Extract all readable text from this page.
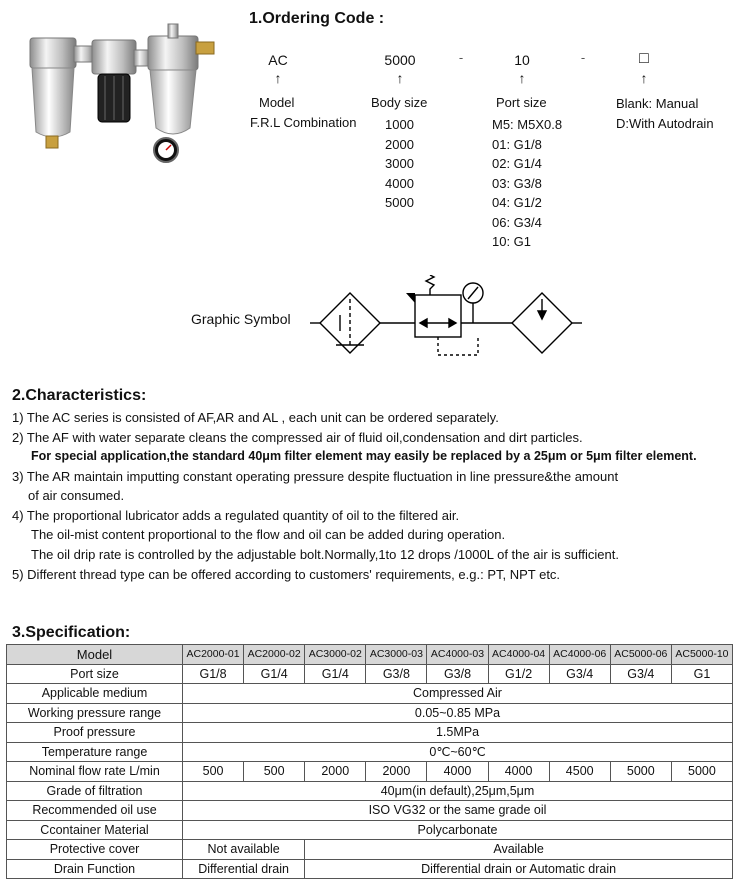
1.Ordering Code :
AC	5000	-	10	-	□
↑	↑	↑	↑
Model
F.R.L Combination
Body size
1000
2000
3000
4000
5000
Port size
M5: M5X0.8
01: G1/8
02: G1/4
03: G3/8
04: G1/2
06: G3/4
10: G1
Blank: Manual
D:With Autodrain
Graphic Symbol
2.Characteristics:
1) The AC series is consisted of AF,AR and AL , each unit can be ordered separately.
2) The AF with water separate cleans the compressed air of fluid oil,condensation and dirt particles.
For special application,the standard 40μm filter element may easily be replaced by a 25μm or 5μm filter element.
3) The AR maintain imputting constant operating pressure despite fluctuation in line pressure&the amount
of air consumed.
4) The proportional lubricator adds a regulated quantity of oil to the filtered air.
The oil-mist content proportional to the flow and oil can be added during operation.
The oil drip rate is controlled by the adjustable bolt.Normally,1to 12 drops /1000L of the air is sufficient.
5) Different thread type can be offered according to customers' requirements, e.g.: PT, NPT etc.
3.Specification:
Model	AC2000-01	AC2000-02	AC3000-02	AC3000-03	AC4000-03	AC4000-04	AC4000-06	AC5000-06	AC5000-10
Port size	G1/8	G1/4	G1/4	G3/8	G3/8	G1/2	G3/4	G3/4	G1
Applicable medium	Compressed Air								
Working pressure range	0.05~0.85 MPa								
Proof pressure	1.5MPa								
Temperature range	0℃~60℃								
Nominal flow rate L/min	500	500	2000	2000	4000	4000	4500	5000	5000
Grade of filtration	40μm(in default),25μm,5μm								
Recommended oil use	ISO VG32 or the same grade oil								
Ccontainer Material	Polycarbonate								
Protective cover	Not available		Available						
Drain Function	Differential drain		Differential drain or Automatic drain						
